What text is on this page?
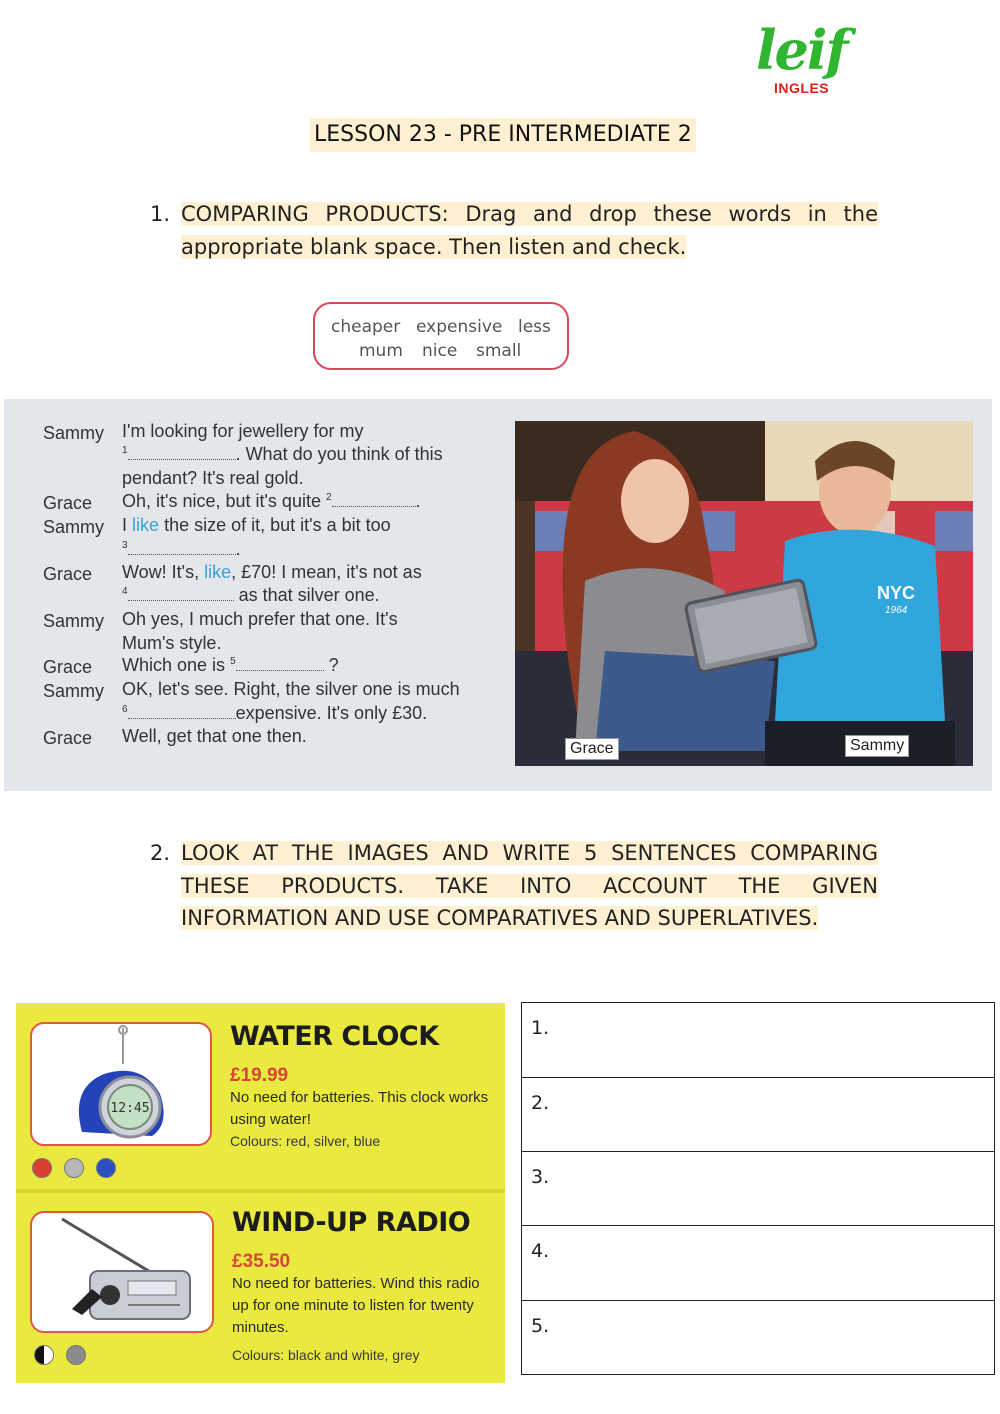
leif
INGLES
LESSON 23 - PRE INTERMEDIATE 2
1. COMPARING PRODUCTS: Drag and drop these words in the appropriate blank space. Then listen and check.
cheaper expensive less
mum nice small
Sammy I'm looking for jewellery for my
$^1$	. What do you think of this
pendant? It's real gold.
Grace Oh, it's nice, but it's quite $^2$	.
Sammy I like the size of it, but it's a bit too
$^3$	.
Grace Wow! It's, like, £70! I mean, it's not as
$^4$	as that silver one.
Sammy Oh yes, I much prefer that one. It's
Mum's style.
Grace Which one is $^5$	?
Sammy OK, let's see. Right, the silver one is much
$^6$	expensive. It's only £30.
Grace Well, get that one then.
NYC
1964
Grace	Sammy
2. LOOK AT THE IMAGES AND WRITE 5 SENTENCES COMPARING THESE PRODUCTS. TAKE INTO ACCOUNT THE GIVEN INFORMATION AND USE COMPARATIVES AND SUPERLATIVES.
12:45
WATER CLOCK
£19.99
No need for batteries. This clock works using water!
Colours: red, silver, blue
WIND-UP RADIO
£35.50
No need for batteries. Wind this radio up for one minute to listen for twenty minutes.
Colours: black and white, grey
1.
2.
3.
4.
5.
